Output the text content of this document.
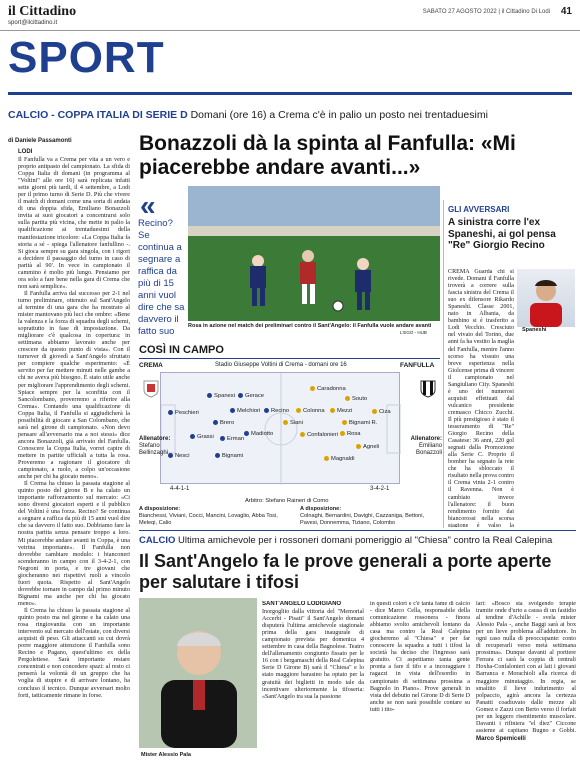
il Cittadino
sport@ilcittadino.it
SABATO 27 AGOSTO 2022 | il Cittadino Di Lodi 41
SPORT
CALCIO - COPPA ITALIA DI SERIE D Domani (ore 16) a Crema c'è in palio un posto nei trentaduesimi
di Daniele Passamonti
LODI

Il Fanfulla va a Crema per vita a un vero e proprio antipasto del campionato. La sfida di Coppa Italia di domani (in programma al "Voltini" alle ore 16) sarà replicata infatti sette giorni più tardi, il 4 settembre, a Lodi per il primo turno di Serie D. Più che vivere il match di domani come una sorta di andata di una doppia sfida, Emiliano Bonazzoli invita ai suoi giocatori a concentrarsi solo sulla partita più vicina, che mette in palio la qualificazione ai trentaduesimi della manifestazione tricolore: «La Coppa Italia fa storia a sé - spiega l'allenatore fanfullino -. Si gioca sempre su gara singola, con i rigori a decidere il passaggio del turno in caso di parità al 90'. In vece in campionato il cammino è molto più lungo. Pensiamo per ora solo a fare bene nella gara di Crema che non sarà semplice».

Il Fanfulla arriva dal successo per 2-1 nel turno preliminare, ottenuto sul Sant'Angelo al termine di una gara che ha mostrato al mister mantovano più luci che ombre: «Bene la valenza e la forza di squadra degli schemi, soprattutto in fase di impostazione. Da migliorare c'è qualcosa in copertura: in settimana abbiamo lavorato anche per crescere da questo punto di vista». Con il turnover di giovedì a Sant'Angelo sfruttato per compiere qualche esperimento: «È servito per far mettere minuti nelle gambe a chi ne aveva più bisogno. È stato utile anche per migliorare l'apprendimento degli schemi. Spiace sempre per la sconfitta con il Sancolombano, proverremo a riferire alla Crema». Contando una qualificazione di Coppa Italia, il Fanfulla si aggiudicherà la possibilità di giocare a San Colombano, che sarà nel girone di campionato. «Non devo pensare all'avversario ma a noi stessi» dice ancora Bonazzoli, già arrivato del Fanfulla. Conoscere la Coppa Italia, vorrei capire di mettere in partite ufficiali a tutta la rosa. Proveremo a ragionare il giocatore di campionato, a ruolo, a colpo un'occasione anche per chi ha giocato meno».

Il Crema ha chiuso la passata stagione al quinto posto del girone B e ha calato un importante rafforzamento sul mercato: «Ci sono diversi giocatori esperti e il pubblico del Voltini è una forza. Recino? Se continua a segnare a raffica da più di 15 anni vuol dire che sa davvero il fatto suo. Dobbiamo fare la nostra partita senza pensare troppo a loro. Mi piacerebbe andare avanti in Coppa, è una vetrina importante». Il Fanfulla non dovrebbe cambiare modulo: i bianconeri scenderanno in campo con il 3-4-2-1, con Negroni in porta, e tre giovani che giocheranno nei rispettivi ruoli a vincolo fuori quota. Rispetto al Sant'Angelo dovrebbe tornare in campo dal primo minuto Bignami ma anche per chi ha giocato meno».

Il Crema ha chiuso la passata stagione al quinto posto ma nel girone e ha calato una rosa ringiovanita con un importante intervento sul mercato dell'estate, con diversi acquisti di peso. Gli attaccanti su cui dovrà porre maggiore attenzione il Fanfulla sono Recino e Pagano, quest'ultimo ex della Pergolettese. Sarà importante restare concentrati e non concedere spazi: al resto ci penserà la volontà di un gruppo che ha voglia di stupire e di arrivare lontano, ha concluso il tecnico. Dunque avversari molto forti, tatticamente rimane in forse.

Bonazzoli dà la spinta al Fanfulla: «Mi piacerebbe andare avanti...»
«
Recino? Se continua a segnare a raffica da più di 15 anni vuol dire che sa davvero il fatto suo	Rosa in azione nel match dei preliminari contro il Sant'Angelo: il Fanfulla vuole andare avanti
L'EGO - HUB
COSÌ IN CAMPO
CREMA	FANFULLA
Stadio Giuseppe Voltini di Crema - domani ore 16
Nesci
Peschieri
Grassi
Brero
Erman
Spanesi
Melchiori
Bignami
Gerace
Madiotto
Recino
Caradonna
Colonna
Siani
Souto
Mezzi
Confalonieri
Ciza
Rosa
Bignami R.
Agneli
Magnaldi
Allenatore:
Stefano Bellinzaghi
Allenatore:
Emiliano Bonazzoli
4-4-1-1	3-4-2-1
Arbitro: Stefano Raineri di Como
A disposizione:
Bianchessi, Viviani, Cocci, Mancini, Lovaglio, Abba Tosi, Meleqi, Calio
A disposizione:
Colnaghi, Bernardini, Davighi, Cazzaniga, Bettoni, Pavesi, Donnemma, Tiziano, Colombo
GLI AVVERSARI
A sinistra corre l'ex Spaneshi, ai gol pensa "Re" Giorgio Recino
Spaneshi
CREMA Guarda chi si rivede. Domani il Fanfulla troverà a correre sulla fascia sinistra del Crema il suo ex difensore Rikardo Spaneshi. Classe 2001, nato in Albania, da bambino si è trasferito a Lodi Vecchio. Cresciuto nel vivaio del Torino, due anni fa ha vestito la maglia del Fanfulla, mentre l'anno scorso ha vissuto una breve esperienza nella Giolcense prima di vincere il campionato nel Sangiuliano City. Spaneshi è uno dei numerosi acquisti effettuati dal vulcanico presidente cremasco Chicco Zucchi. Il più prestigioso è stato il tesseramento di "Re" Giorgio Recino della Casatese: 36 anni, 220 gol segnati dalla Promozione alla Serie C. Proprio il bomber ha segnato la rete che ha sbloccato il risultato nella prova contro il Crema vinta 2-1 contro il Ravenna. Non è cambiato invece l'allenatore: il buon rendimento fornito dai biancorossi nella scorsa stagione è valso la
CALCIO Ultima amichevole per i rossoneri domani pomeriggio al "Chiesa" contro la Real Calepina
Il Sant'Angelo fa le prove generali a porte aperte per salutare i tifosi
Mister Alessio Pala
SANT'ANGELO LODIGIANO
Inorgoglito dalla vittoria del "Memorial Accerbi - Pisati" il Sant'Angelo domani disputerà l'ultima amichevole stagionale prima della gara inaugurale di campionato prevista per domenica 4 settembre in casa della Bagnolese. Teatro dell'allenamento congiunto fissato per le 16 con i bergamaschi della Real Calepina Serie D Girone B) sarà il "Chiesa" e lo stato maggiore barasino ha optato per la gratuità dei biglietti in modo tale da incentivare ulteriormente la tifoseria: «Sant'Angelo tra sua la passione
in questi colori e c'è tanta fame di calcio - dice Marco Cella, responsabile della comunicazione rossonera - finora abbiamo svolto amichevoli lontano da casa ma contro la Real Calepina giocheremo al "Chiesa" e per far conoscere la squadra a tutti i tifosi la società ha deciso che l'ingresso sarà gratuito. Ci aspettiamo tanta gente pronta a fare il tifo e a incoraggiare i ragazzi in vista dell'esordio in campionato di settimana prossima a Bagnolo in Piano». Prove generali in vista del debutto nel Girone D di Serie D anche se non sarà possibile contare su tutti i tito-
lari: «Bosco sta svolgendo terapie tramite onde d'urto a causa di un fastidio al tendine d'Achille - svela mister Alessio Pala -, anche Baggi sarà ai box per un lieve problema all'adduttore. In ogni caso nulla di preoccupante: conto di recuperarli verso metà settimana prossima». Dunque davanti al portiere Ferrara ci sarà la coppia di centrali Hoxha-Confalonieri con ai lati i giovani Barranca e Morachioli alla ricerca di maggiore minutaggio. In regia, se smaltito il lieve indurimento al polpaccio, agirà ancora la certezza Panatti coadiuvato dalle mezze ali Gomez e Zazzi con Berto verso il forfait per un leggero risentimento muscolare. Davanti i rifiniera "el diez" Ciccone assieme ai capitano Bugno e Gobbi. Marco Spemicelli
